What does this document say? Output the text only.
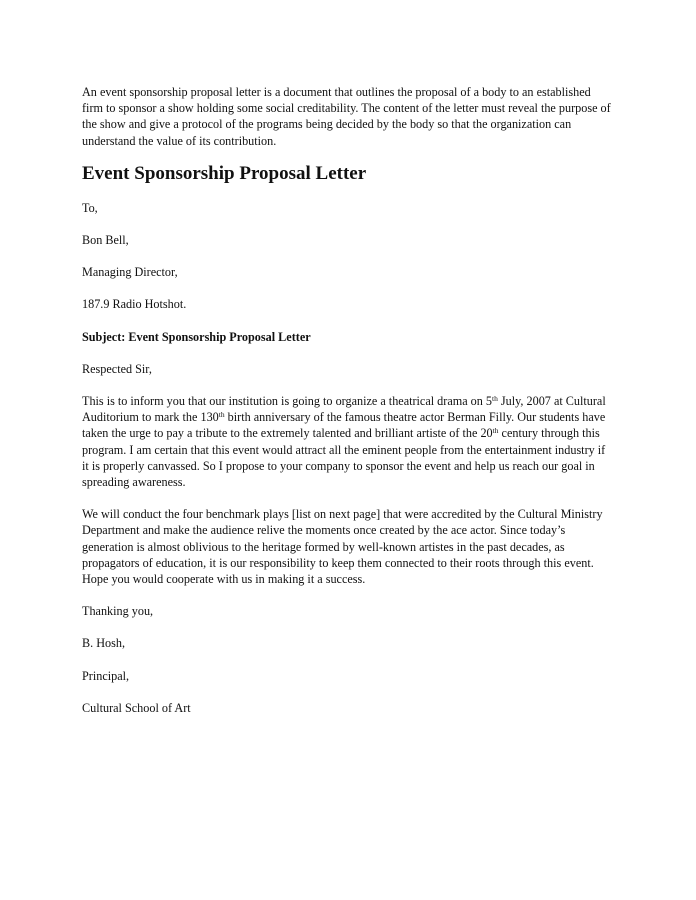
An event sponsorship proposal letter is a document that outlines the proposal of a body to an established firm to sponsor a show holding some social creditability. The content of the letter must reveal the purpose of the show and give a protocol of the programs being decided by the body so that the organization can understand the value of its contribution.

Event Sponsorship Proposal Letter

To,

Bon Bell,

Managing Director,

187.9 Radio Hotshot.

Subject: Event Sponsorship Proposal Letter

Respected Sir,

This is to inform you that our institution is going to organize a theatrical drama on 5th July, 2007 at Cultural Auditorium to mark the 130th birth anniversary of the famous theatre actor Berman Filly. Our students have taken the urge to pay a tribute to the extremely talented and brilliant artiste of the 20th century through this program. I am certain that this event would attract all the eminent people from the entertainment industry if it is properly canvassed. So I propose to your company to sponsor the event and help us reach our goal in spreading awareness.

We will conduct the four benchmark plays [list on next page] that were accredited by the Cultural Ministry Department and make the audience relive the moments once created by the ace actor. Since today’s generation is almost oblivious to the heritage formed by well-known artistes in the past decades, as propagators of education, it is our responsibility to keep them connected to their roots through this event. Hope you would cooperate with us in making it a success.

Thanking you,

B. Hosh,

Principal,

Cultural School of Art
